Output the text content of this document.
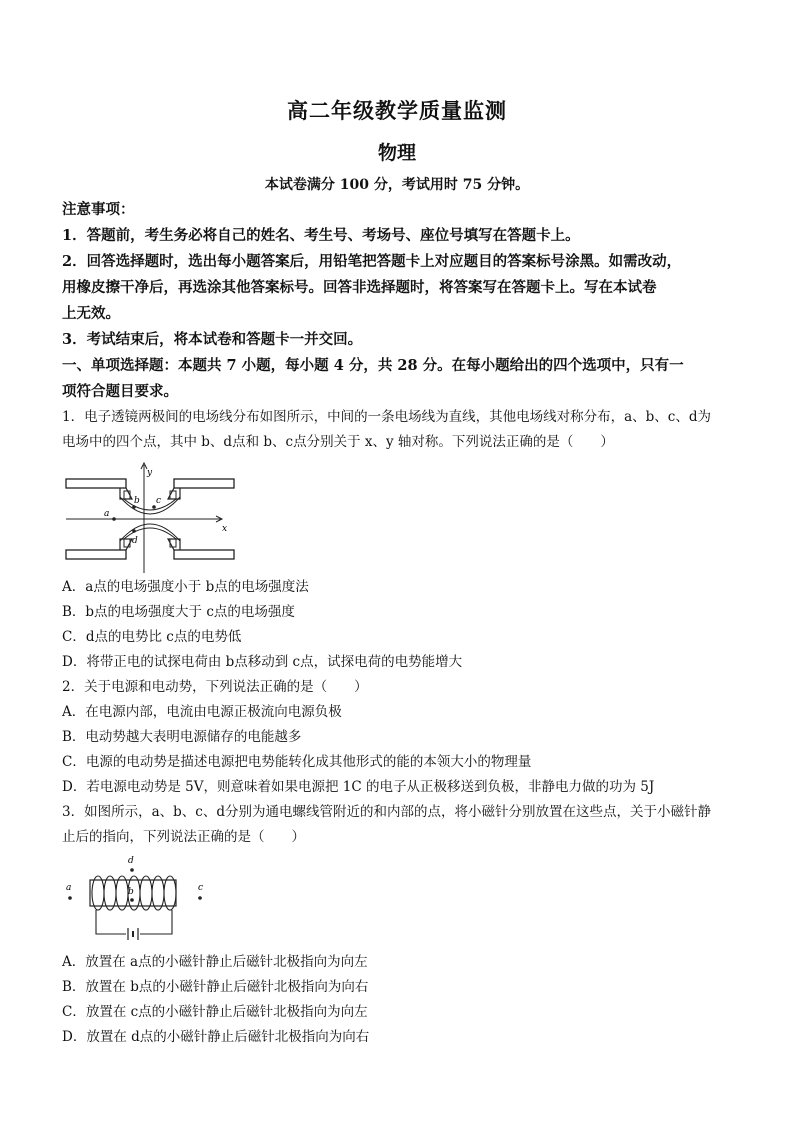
高二年级教学质量监测
物理
本试卷满分 100 分，考试用时 75 分钟。
注意事项：
1．答题前，考生务必将自己的姓名、考生号、考场号、座位号填写在答题卡上。
2．回答选择题时，选出每小题答案后，用铅笔把答题卡上对应题目的答案标号涂黑。如需改动，
用橡皮擦干净后，再选涂其他答案标号。回答非选择题时，将答案写在答题卡上。写在本试卷
上无效。
3．考试结束后，将本试卷和答题卡一并交回。
一、单项选择题：本题共 7 小题，每小题 4 分，共 28 分。在每小题给出的四个选项中，只有一
项符合题目要求。
1．电子透镜两极间的电场线分布如图所示，中间的一条电场线为直线，其他电场线对称分布，a、b、c、d为
电场中的四个点，其中 b、d点和 b、c点分别关于 x、y 轴对称。下列说法正确的是（　　）
y
x
a
b c
d
A．a点的电场强度小于 b点的电场强度法
B．b点的电场强度大于 c点的电场强度
C．d点的电势比 c点的电势低
D．将带正电的试探电荷由 b点移动到 c点，试探电荷的电势能增大
2．关于电源和电动势，下列说法正确的是（　　）
A．在电源内部，电流由电源正极流向电源负极
B．电动势越大表明电源储存的电能越多
C．电源的电动势是描述电源把电势能转化成其他形式的能的本领大小的物理量
D．若电源电动势是 5V，则意味着如果电源把 1C 的电子从正极移送到负极，非静电力做的功为 5J
3．如图所示，a、b、c、d分别为通电螺线管附近的和内部的点，将小磁针分别放置在这些点，关于小磁针静
止后的指向，下列说法正确的是（　　）
a	b	c
d
A．放置在 a点的小磁针静止后磁针北极指向为向左
B．放置在 b点的小磁针静止后磁针北极指向为向右
C．放置在 c点的小磁针静止后磁针北极指向为向左
D．放置在 d点的小磁针静止后磁针北极指向为向右
